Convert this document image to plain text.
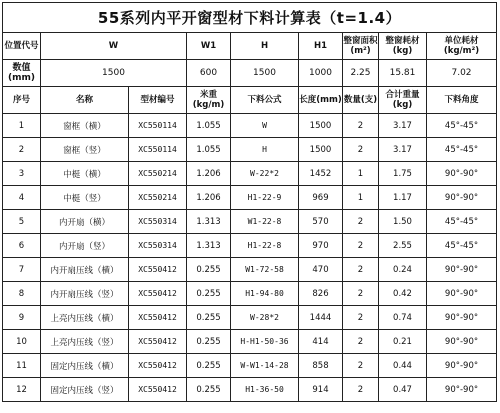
55系列内平开窗型材下料计算表（t=1.4）								
位置代号	W		W1	H	H1	整窗面积(m²)	整窗耗材(kg)	单位耗材(kg/m²)
数值(mm)	1500		600	1500	1000	2.25	15.81	7.02
序号	名称	型材编号	米重(kg/m)	下料公式	长度(mm)	数量(支)	合计重量(kg)	下料角度
1	窗框（横）	XC550114	1.055	W	1500	2	3.17	45°-45°
2	窗框（竖）	XC550114	1.055	H	1500	2	3.17	45°-45°
3	中梃（横）	XC550214	1.206	W-22*2	1452	1	1.75	90°-90°
4	中梃（竖）	XC550214	1.206	H1-22-9	969	1	1.17	90°-90°
5	内开扇（横）	XC550314	1.313	W1-22-8	570	2	1.50	45°-45°
6	内开扇（竖）	XC550314	1.313	H1-22-8	970	2	2.55	45°-45°
7	内开扇压线（横）	XC550412	0.255	W1-72-58	470	2	0.24	90°-90°
8	内开扇压线（竖）	XC550412	0.255	H1-94-80	826	2	0.42	90°-90°
9	上亮内压线（横）	XC550412	0.255	W-28*2	1444	2	0.74	90°-90°
10	上亮内压线（竖）	XC550412	0.255	H-H1-50-36	414	2	0.21	90°-90°
11	固定内压线（横）	XC550412	0.255	W-W1-14-28	858	2	0.44	90°-90°
12	固定内压线（竖）	XC550412	0.255	H1-36-50	914	2	0.47	90°-90°
